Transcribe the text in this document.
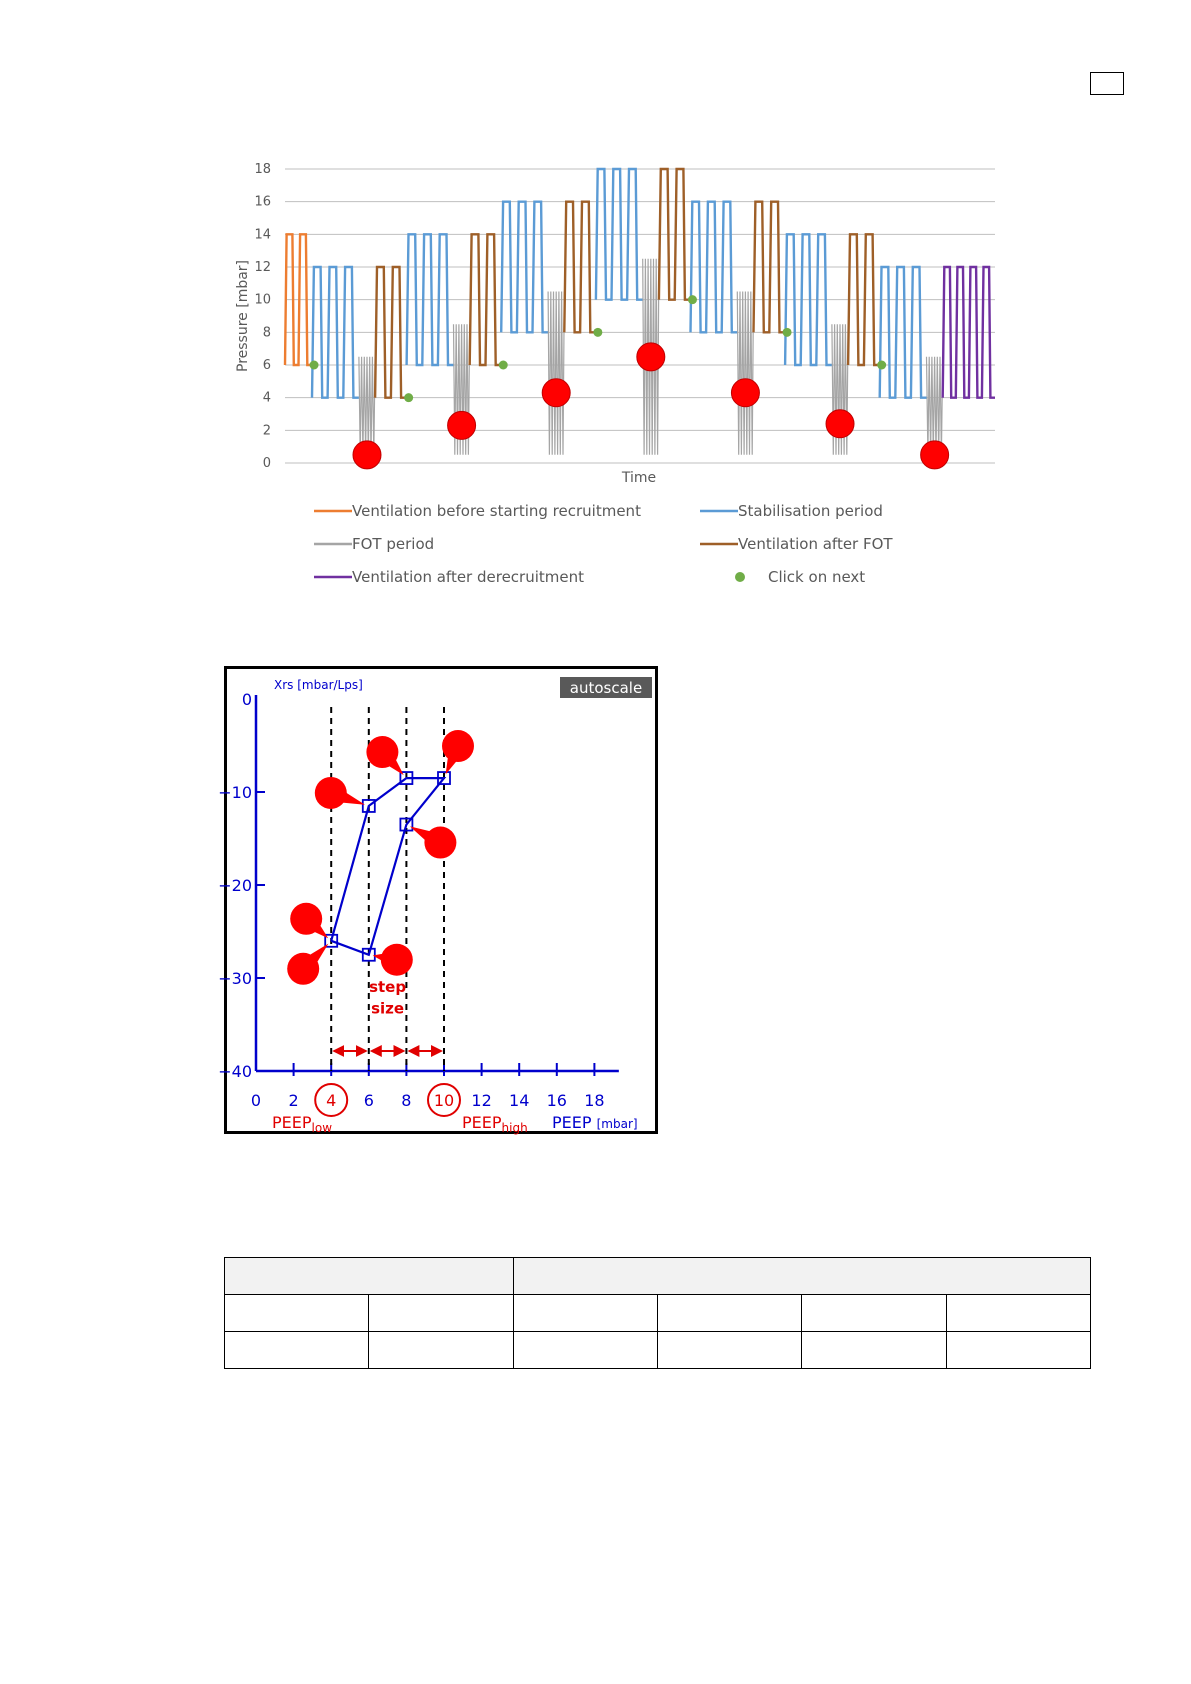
0
2
4
6
8
10
12
14
16
18
Time
Pressure [mbar]
Ventilation before starting recruitment	Stabilisation period
FOT period	Ventilation after FOT
Ventilation after derecruitment	Click on next
autoscale
Xrs [mbar/Lps]
0
−10
−20
−30
−40
0 2 4 6 8 10 12 14 16 18
step
size
$PEEP_{low}$	$PEEP_{high}$ PEEP [mbar]
